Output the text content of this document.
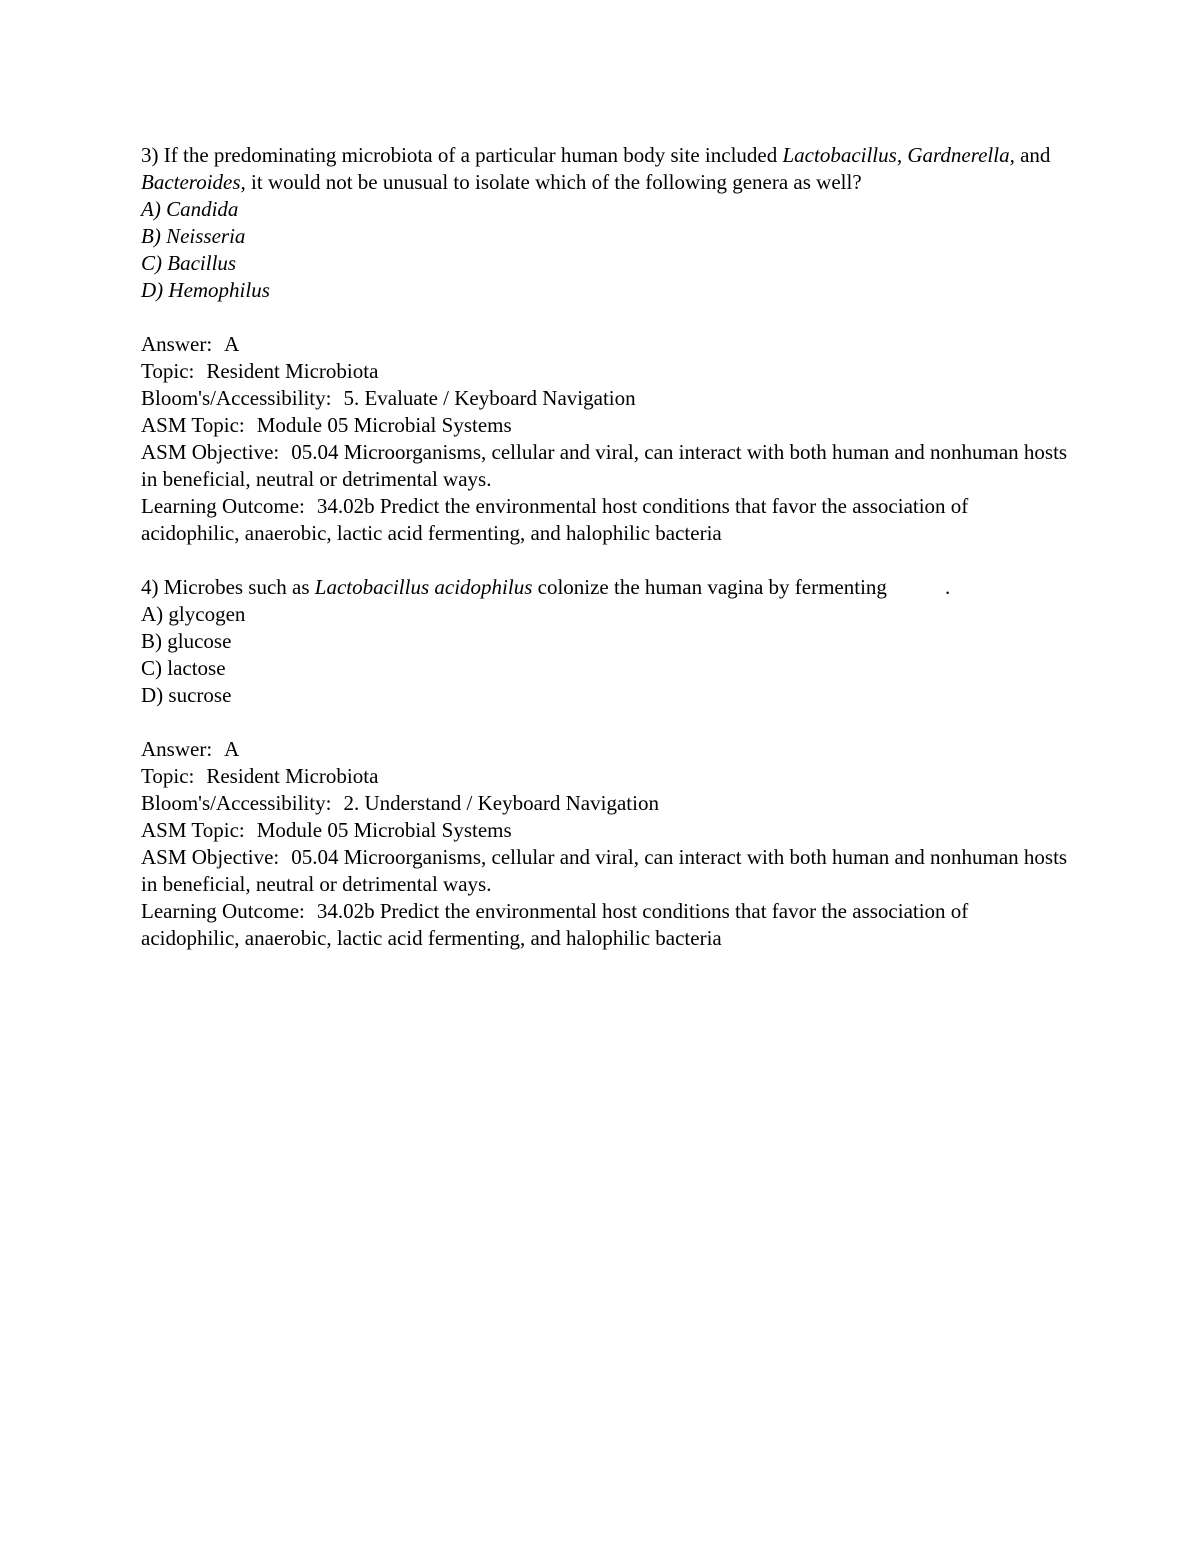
3) If the predominating microbiota of a particular human body site included Lactobacillus, Gardnerella, and Bacteroides, it would not be unusual to isolate which of the following genera as well?

A) Candida
B) Neisseria
C) Bacillus
D) Hemophilus

Answer: A

Topic: Resident Microbiota

Bloom's/Accessibility: 5. Evaluate / Keyboard Navigation

ASM Topic: Module 05 Microbial Systems

ASM Objective: 05.04 Microorganisms, cellular and viral, can interact with both human and nonhuman hosts in beneficial, neutral or detrimental ways.

Learning Outcome: 34.02b Predict the environmental host conditions that favor the association of acidophilic, anaerobic, lactic acid fermenting, and halophilic bacteria

4) Microbes such as Lactobacillus acidophilus colonize the human vagina by fermenting	.

A) glycogen
B) glucose
C) lactose
D) sucrose

Answer: A

Topic: Resident Microbiota

Bloom's/Accessibility: 2. Understand / Keyboard Navigation

ASM Topic: Module 05 Microbial Systems

ASM Objective: 05.04 Microorganisms, cellular and viral, can interact with both human and nonhuman hosts in beneficial, neutral or detrimental ways.

Learning Outcome: 34.02b Predict the environmental host conditions that favor the association of acidophilic, anaerobic, lactic acid fermenting, and halophilic bacteria
